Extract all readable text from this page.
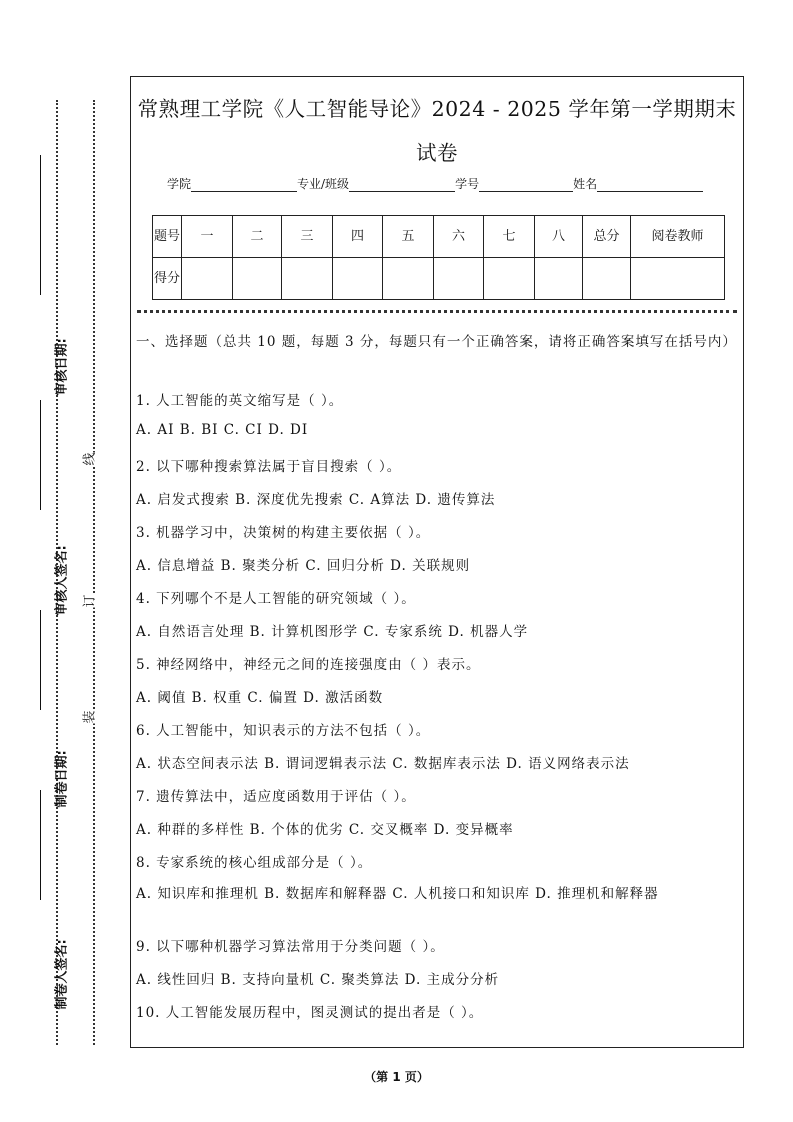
线
订
装
审核日期:
审核人签名:
制卷日期:
制卷人签名:
常熟理工学院《人工智能导论》2024 - 2025 学年第一学期期末试卷
学院	专业/班级	学号	姓名
题号	一	二	三	四	五	六	七	八	总分	阅卷教师
得分										

一、选择题（总共 10 题，每题 3 分，每题只有一个正确答案，请将正确答案填写在括号内）

1. 人工智能的英文缩写是（ ）。

A. AI B. BI C. CI D. DI

2. 以下哪种搜索算法属于盲目搜索（ ）。

A. 启发式搜索 B. 深度优先搜索 C. A算法 D. 遗传算法

3. 机器学习中，决策树的构建主要依据（ ）。

A. 信息增益 B. 聚类分析 C. 回归分析 D. 关联规则

4. 下列哪个不是人工智能的研究领域（ ）。

A. 自然语言处理 B. 计算机图形学 C. 专家系统 D. 机器人学

5. 神经网络中，神经元之间的连接强度由（ ）表示。

A. 阈值 B. 权重 C. 偏置 D. 激活函数

6. 人工智能中，知识表示的方法不包括（ ）。

A. 状态空间表示法 B. 谓词逻辑表示法 C. 数据库表示法 D. 语义网络表示法

7. 遗传算法中，适应度函数用于评估（ ）。

A. 种群的多样性 B. 个体的优劣 C. 交叉概率 D. 变异概率

8. 专家系统的核心组成部分是（ ）。

A. 知识库和推理机 B. 数据库和解释器 C. 人机接口和知识库 D. 推理机和解释器

9. 以下哪种机器学习算法常用于分类问题（ ）。

A. 线性回归 B. 支持向量机 C. 聚类算法 D. 主成分分析

10. 人工智能发展历程中，图灵测试的提出者是（ ）。

（第 1 页）
